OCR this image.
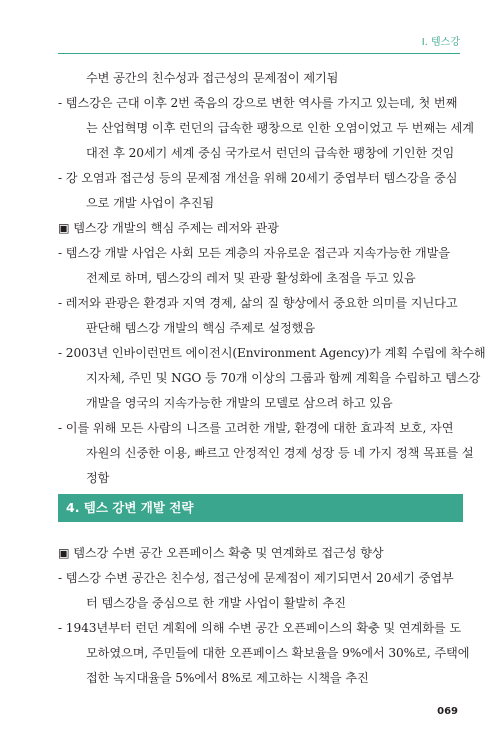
I. 템스강
수변 공간의 친수성과 접근성의 문제점이 제기됨
- 템스강은 근대 이후 2번 죽음의 강으로 변한 역사를 가지고 있는데, 첫 번째
는 산업혁명 이후 런던의 급속한 팽창으로 인한 오염이었고 두 번째는 세계
대전 후 20세기 세계 중심 국가로서 런던의 급속한 팽창에 기인한 것임
- 강 오염과 접근성 등의 문제점 개선을 위해 20세기 중엽부터 템스강을 중심
으로 개발 사업이 추진됨
▣ 템스강 개발의 핵심 주제는 레저와 관광
- 템스강 개발 사업은 사회 모든 계층의 자유로운 접근과 지속가능한 개발을
전제로 하며, 템스강의 레저 및 관광 활성화에 초점을 두고 있음
- 레저와 관광은 환경과 지역 경제, 삶의 질 향상에서 중요한 의미를 지닌다고
판단해 템스강 개발의 핵심 주제로 설정했음
- 2003년 인바이런먼트 에이전시(Environment Agency)가 계획 수립에 착수해
지자체, 주민 및 NGO 등 70개 이상의 그룹과 함께 계획을 수립하고 템스강
개발을 영국의 지속가능한 개발의 모델로 삼으려 하고 있음
- 이를 위해 모든 사람의 니즈를 고려한 개발, 환경에 대한 효과적 보호, 자연
자원의 신중한 이용, 빠르고 안정적인 경제 성장 등 네 가지 정책 목표를 설
정함
4. 템스 강변 개발 전략
▣ 템스강 수변 공간 오픈페이스 확충 및 연계화로 접근성 향상
- 템스강 수변 공간은 친수성, 접근성에 문제점이 제기되면서 20세기 중엽부
터 템스강을 중심으로 한 개발 사업이 활발히 추진
- 1943년부터 런던 계획에 의해 수변 공간 오픈페이스의 확충 및 연계화를 도
모하였으며, 주민들에 대한 오픈페이스 확보율을 9%에서 30%로, 주택에
접한 녹지대율을 5%에서 8%로 제고하는 시책을 추진
069
